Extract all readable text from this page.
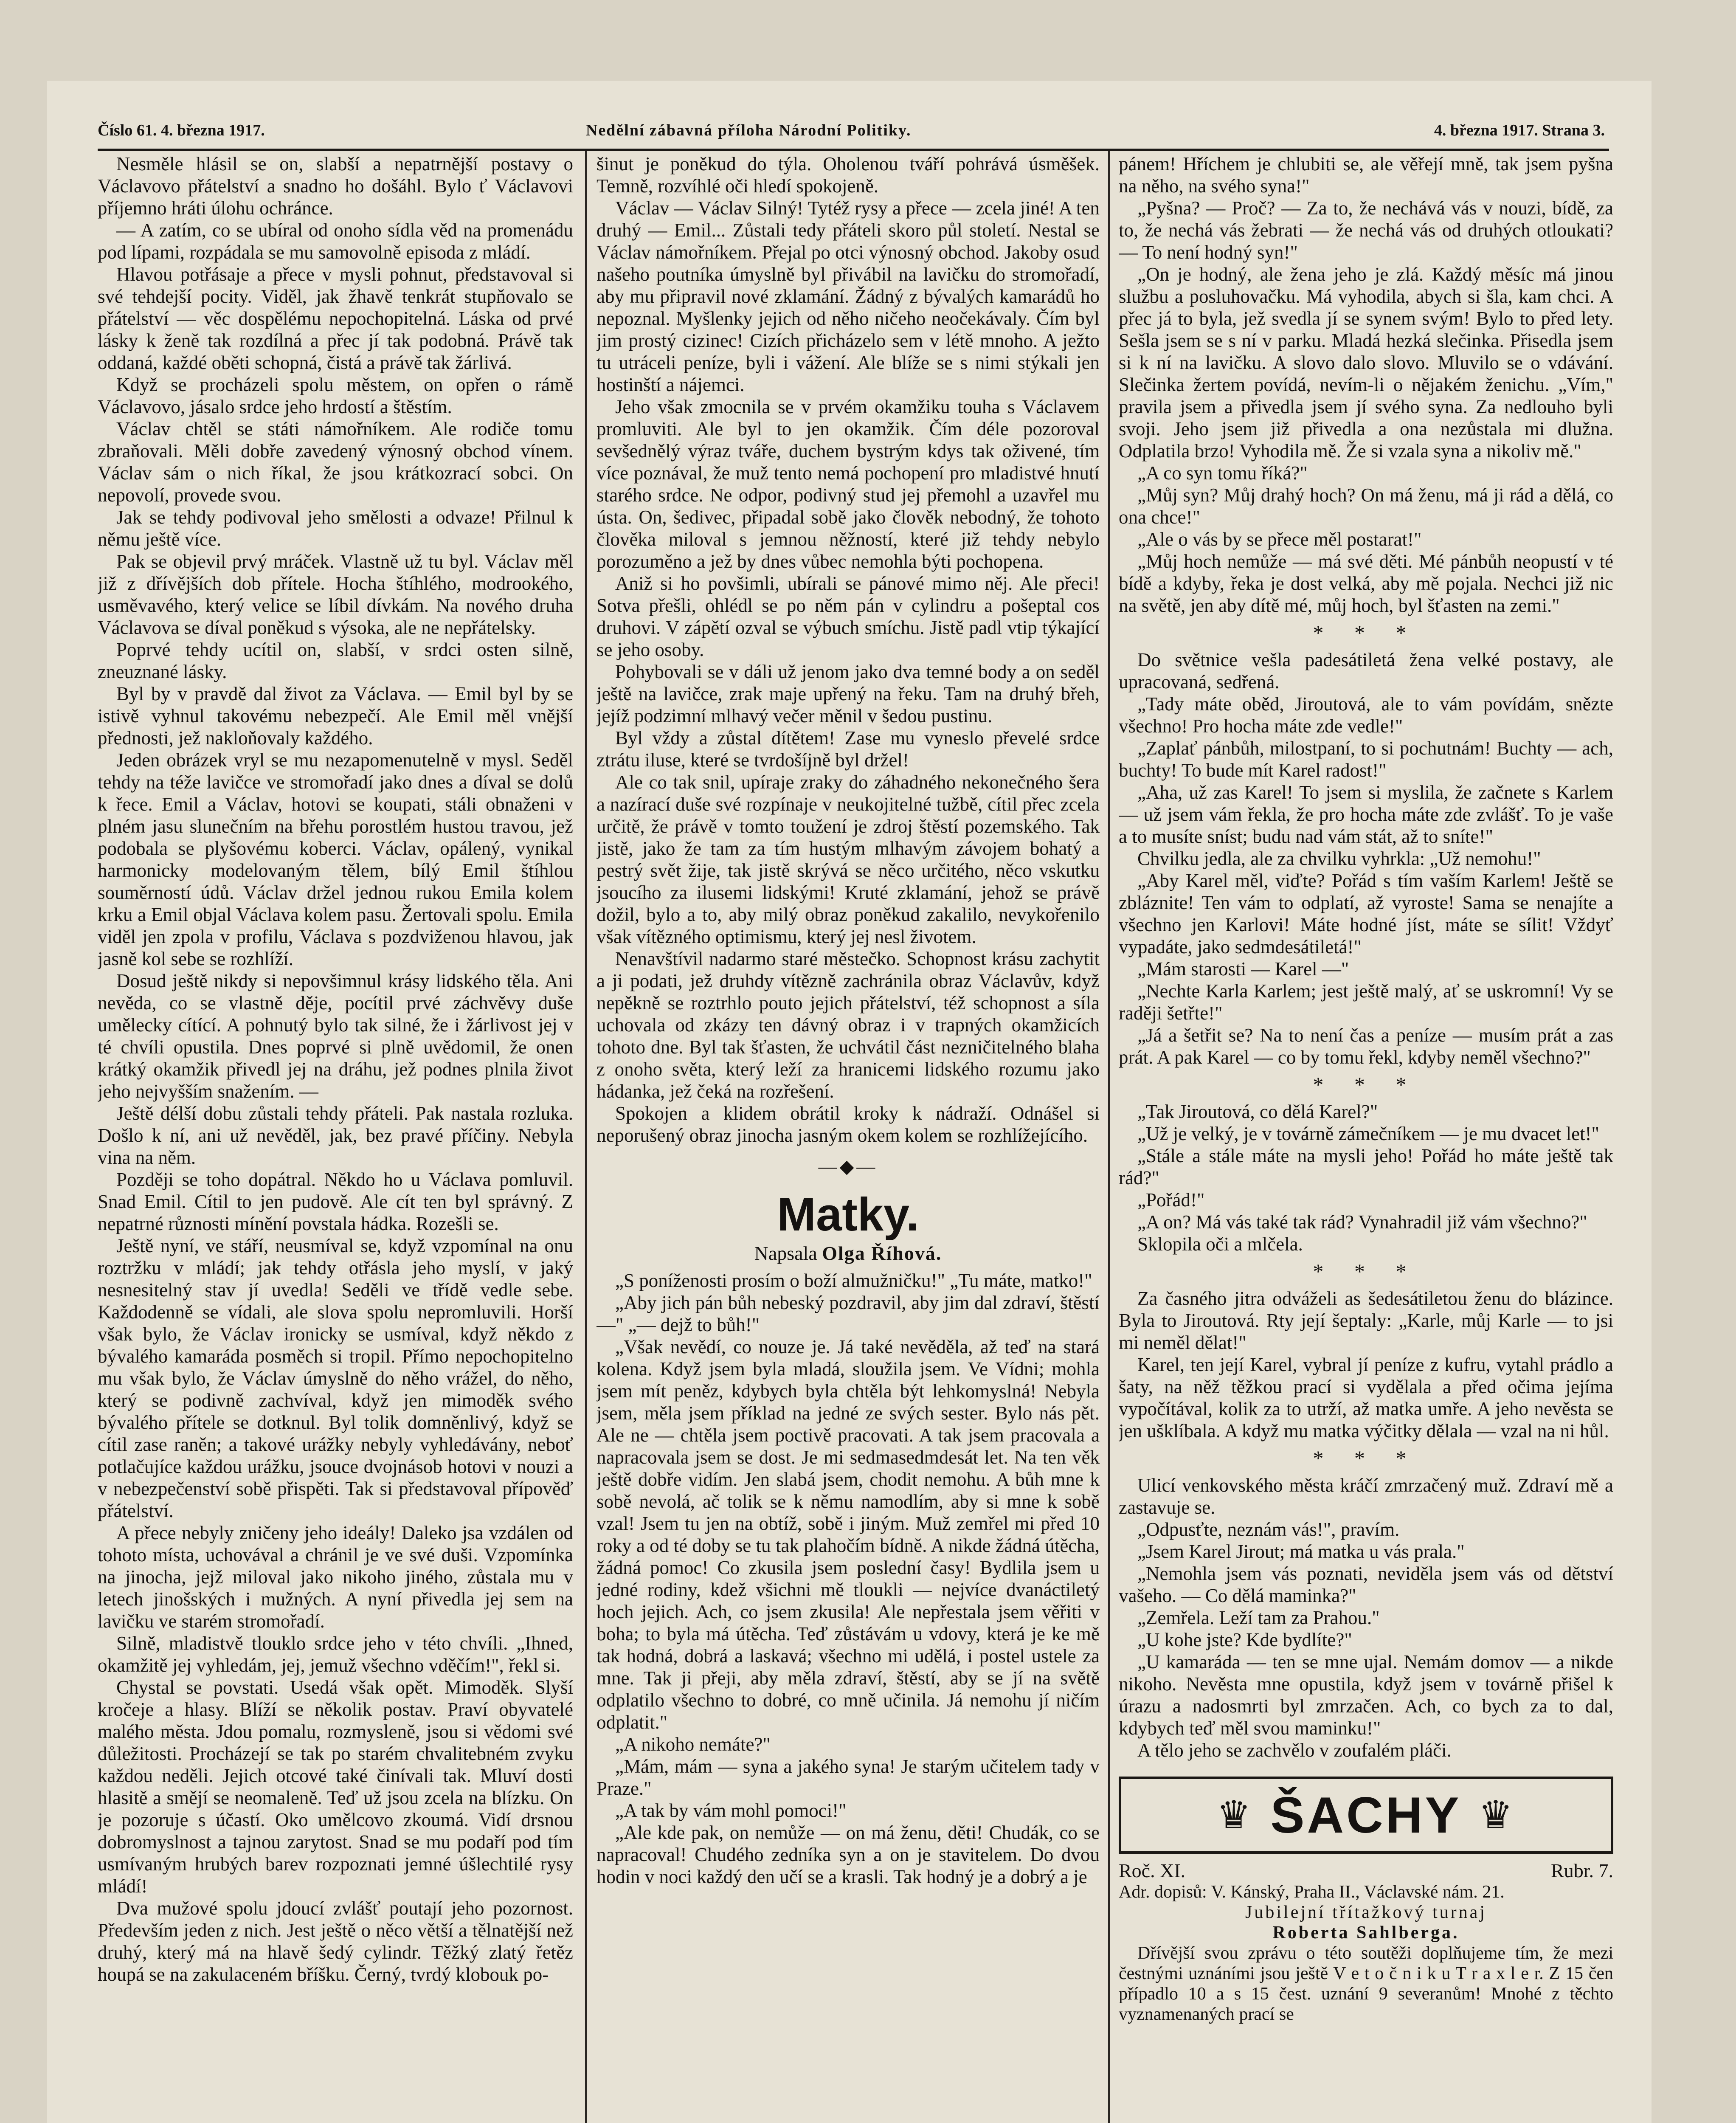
Číslo 61. 4. března 1917.	Nedělní zábavná příloha Národní Politiky.	4. března 1917. Strana 3.

Nesměle hlásil se on, slabší a nepatrnější postavy o Václavovo přátelství a snadno ho došáhl. Bylo ť Václavovi příjemno hráti úlohu ochránce.

— A zatím, co se ubíral od onoho sídla věd na promenádu pod lípami, rozpádala se mu samovolně episoda z mládí.

Hlavou potřásaje a přece v mysli pohnut, představoval si své tehdejší pocity. Viděl, jak žhavě tenkrát stupňovalo se přátelství — věc dospělému nepochopitelná. Láska od prvé lásky k ženě tak rozdílná a přec jí tak podobná. Právě tak oddaná, každé oběti schopná, čistá a právě tak žárlivá.

Když se procházeli spolu městem, on opřen o rámě Václavovo, jásalo srdce jeho hrdostí a štěstím.

Václav chtěl se státi námořníkem. Ale rodiče tomu zbraňovali. Měli dobře zavedený výnosný obchod vínem. Václav sám o nich říkal, že jsou krátkozrací sobci. On nepovolí, provede svou.

Jak se tehdy podivoval jeho smělosti a odvaze! Přilnul k němu ještě více.

Pak se objevil prvý mráček. Vlastně už tu byl. Václav měl již z dřívějších dob přítele. Hocha štíhlého, modrookého, usměvavého, který velice se líbil dívkám. Na nového druha Václavova se díval poněkud s výsoka, ale ne nepřátelsky.

Poprvé tehdy ucítil on, slabší, v srdci osten silně, zneuznané lásky.

Byl by v pravdě dal život za Václava. — Emil byl by se istivě vyhnul takovému nebezpečí. Ale Emil měl vnější přednosti, jež nakloňovaly každého.

Jeden obrázek vryl se mu nezapomenutelně v mysl. Seděl tehdy na téže lavičce ve stromořadí jako dnes a díval se dolů k řece. Emil a Václav, hotovi se koupati, stáli obnaženi v plném jasu slunečním na břehu porostlém hustou travou, jež podobala se plyšovému koberci. Václav, opálený, vynikal harmonicky modelovaným tělem, bílý Emil štíhlou souměrností údů. Václav držel jednou rukou Emila kolem krku a Emil objal Václava kolem pasu. Žertovali spolu. Emila viděl jen zpola v profilu, Václava s pozdviženou hlavou, jak jasně kol sebe se rozhlíží.

Dosud ještě nikdy si nepovšimnul krásy lidského těla. Ani nevěda, co se vlastně děje, pocítil prvé záchvěvy duše umělecky cítící. A pohnutý bylo tak silné, že i žárlivost jej v té chvíli opustila. Dnes poprvé si plně uvědomil, že onen krátký okamžik přivedl jej na dráhu, jež podnes plnila život jeho nejvyšším snažením. —

Ještě délší dobu zůstali tehdy přáteli. Pak nastala rozluka. Došlo k ní, ani už nevěděl, jak, bez pravé příčiny. Nebyla vina na něm.

Později se toho dopátral. Někdo ho u Václava pomluvil. Snad Emil. Cítil to jen pudově. Ale cít ten byl správný. Z nepatrné různosti mínění povstala hádka. Rozešli se.

Ještě nyní, ve stáří, neusmíval se, když vzpomínal na onu roztržku v mládí; jak tehdy otřásla jeho myslí, v jaký nesnesitelný stav jí uvedla! Seděli ve třídě vedle sebe. Každodenně se vídali, ale slova spolu nepromluvili. Horší však bylo, že Václav ironicky se usmíval, když někdo z bývalého kamaráda posměch si tropil. Přímo nepochopitelno mu však bylo, že Václav úmyslně do něho vrážel, do něho, který se podivně zachvíval, když jen mimoděk svého bývalého přítele se dotknul. Byl tolik domněnlivý, když se cítil zase raněn; a takové urážky nebyly vyhledávány, neboť potlačujíce každou urážku, jsouce dvojnásob hotovi v nouzi a v nebezpečenství sobě přispěti. Tak si představoval přípověď přátelství.

A přece nebyly zničeny jeho ideály! Daleko jsa vzdálen od tohoto místa, uchovával a chránil je ve své duši. Vzpomínka na jinocha, jejž miloval jako nikoho jiného, zůstala mu v letech jinošských i mužných. A nyní přivedla jej sem na lavičku ve starém stromořadí.

Silně, mladistvě tlouklo srdce jeho v této chvíli. „Ihned, okamžitě jej vyhledám, jej, jemuž všechno vděčím!", řekl si.

Chystal se povstati. Usedá však opět. Mimoděk. Slyší kročeje a hlasy. Blíží se několik postav. Praví obyvatelé malého města. Jdou pomalu, rozmysleně, jsou si vědomi své důležitosti. Procházejí se tak po starém chvalitebném zvyku každou neděli. Jejich otcové také činívali tak. Mluví dosti hlasitě a smějí se neomaleně. Teď už jsou zcela na blízku. On je pozoruje s účastí. Oko umělcovo zkoumá. Vidí drsnou dobromyslnost a tajnou zarytost. Snad se mu podaří pod tím usmívaným hrubých barev rozpoznati jemné úšlechtilé rysy mládí!

Dva mužové spolu jdoucí zvlášť poutají jeho pozornost. Především jeden z nich. Jest ještě o něco větší a tělnatější než druhý, který má na hlavě šedý cylindr. Těžký zlatý řetěz houpá se na zakulaceném bříšku. Černý, tvrdý klobouk po-

šinut je poněkud do týla. Oholenou tváří pohrává úsměšek. Temně, rozvíhlé oči hledí spokojeně.

Václav — Václav Silný! Tytéž rysy a přece — zcela jiné! A ten druhý — Emil... Zůstali tedy přáteli skoro půl století. Nestal se Václav námořníkem. Přejal po otci výnosný obchod. Jakoby osud našeho poutníka úmyslně byl přivábil na lavičku do stromořadí, aby mu připravil nové zklamání. Žádný z bývalých kamarádů ho nepoznal. Myšlenky jejich od něho ničeho neočekávaly. Čím byl jim prostý cizinec! Cizích přicházelo sem v létě mnoho. A ježto tu utráceli peníze, byli i vážení. Ale blíže se s nimi stýkali jen hostinští a nájemci.

Jeho však zmocnila se v prvém okamžiku touha s Václavem promluviti. Ale byl to jen okamžik. Čím déle pozoroval sevšednělý výraz tváře, duchem bystrým kdys tak oživené, tím více poznával, že muž tento nemá pochopení pro mladistvé hnutí starého srdce. Ne odpor, podivný stud jej přemohl a uzavřel mu ústa. On, šedivec, připadal sobě jako člověk nebodný, že tohoto člověka miloval s jemnou něžností, které již tehdy nebylo porozuměno a jež by dnes vůbec nemohla býti pochopena.

Aniž si ho povšimli, ubírali se pánové mimo něj. Ale přeci! Sotva přešli, ohlédl se po něm pán v cylindru a pošeptal cos druhovi. V zápětí ozval se výbuch smíchu. Jistě padl vtip týkající se jeho osoby.

Pohybovali se v dáli už jenom jako dva temné body a on seděl ještě na lavičce, zrak maje upřený na řeku. Tam na druhý břeh, jejíž podzimní mlhavý večer měnil v šedou pustinu.

Byl vždy a zůstal dítětem! Zase mu vyneslo převelé srdce ztrátu iluse, které se tvrdošíjně byl držel!

Ale co tak snil, upíraje zraky do záhadného nekonečného šera a nazírací duše své rozpínaje v neukojitelné tužbě, cítil přec zcela určitě, že právě v tomto toužení je zdroj štěstí pozemského. Tak jistě, jako že tam za tím hustým mlhavým závojem bohatý a pestrý svět žije, tak jistě skrývá se něco určitého, něco vskutku jsoucího za ilusemi lidskými! Kruté zklamání, jehož se právě dožil, bylo a to, aby milý obraz poněkud zakalilo, nevykořenilo však vítězného optimismu, který jej nesl životem.

Nenavštívil nadarmo staré městečko. Schopnost krásu zachytit a ji podati, jež druhdy vítězně zachránila obraz Václavův, když nepěkně se roztrhlo pouto jejich přátelství, též schopnost a síla uchovala od zkázy ten dávný obraz i v trapných okamžicích tohoto dne. Byl tak šťasten, že uchvátil část nezničitelného blaha z onoho světa, který leží za hranicemi lidského rozumu jako hádanka, jež čeká na rozřešení.

Spokojen a klidem obrátil kroky k nádraží. Odnášel si neporušený obraz jinocha jasným okem kolem se rozhlížejícího.

—◆—
Matky.
Napsala Olga Říhová.

„S poníženosti prosím o boží almužničku!" „Tu máte, matko!"

„Aby jich pán bůh nebeský pozdravil, aby jim dal zdraví, štěstí —" „— dejž to bůh!"

„Však nevědí, co nouze je. Já také nevěděla, až teď na stará kolena. Když jsem byla mladá, sloužila jsem. Ve Vídni; mohla jsem mít peněz, kdybych byla chtěla být lehkomyslná! Nebyla jsem, měla jsem příklad na jedné ze svých sester. Bylo nás pět. Ale ne — chtěla jsem poctivě pracovati. A tak jsem pracovala a napracovala jsem se dost. Je mi sedmasedmdesát let. Na ten věk ještě dobře vidím. Jen slabá jsem, chodit nemohu. A bůh mne k sobě nevolá, ač tolik se k němu namodlím, aby si mne k sobě vzal! Jsem tu jen na obtíž, sobě i jiným. Muž zemřel mi před 10 roky a od té doby se tu tak plahočím bídně. A nikde žádná útěcha, žádná pomoc! Co zkusila jsem poslední časy! Bydlila jsem u jedné rodiny, kdež všichni mě tloukli — nejvíce dvanáctiletý hoch jejich. Ach, co jsem zkusila! Ale nepřestala jsem věřiti v boha; to byla má útěcha. Teď zůstávám u vdovy, která je ke mě tak hodná, dobrá a laskavá; všechno mi udělá, i postel ustele za mne. Tak ji přeji, aby měla zdraví, štěstí, aby se jí na světě odplatilo všechno to dobré, co mně učinila. Já nemohu jí ničím odplatit."

„A nikoho nemáte?"

„Mám, mám — syna a jakého syna! Je starým učitelem tady v Praze."

„A tak by vám mohl pomoci!"

„Ale kde pak, on nemůže — on má ženu, děti! Chudák, co se napracoval! Chudého zedníka syn a on je stavitelem. Do dvou hodin v noci každý den učí se a krasli. Tak hodný je a dobrý a je

pánem! Hříchem je chlubiti se, ale věřejí mně, tak jsem pyšna na něho, na svého syna!"

„Pyšna? — Proč? — Za to, že nechává vás v nouzi, bídě, za to, že nechá vás žebrati — že nechá vás od druhých otloukati? — To není hodný syn!"

„On je hodný, ale žena jeho je zlá. Každý měsíc má jinou službu a posluhovačku. Má vyhodila, abych si šla, kam chci. A přec já to byla, jež svedla jí se synem svým! Bylo to před lety. Sešla jsem se s ní v parku. Mladá hezká slečinka. Přisedla jsem si k ní na lavičku. A slovo dalo slovo. Mluvilo se o vdávání. Slečinka žertem povídá, nevím-li o nějakém ženichu. „Vím," pravila jsem a přivedla jsem jí svého syna. Za nedlouho byli svoji. Jeho jsem již přivedla a ona nezůstala mi dlužna. Odplatila brzo! Vyhodila mě. Že si vzala syna a nikoliv mě."

„A co syn tomu říká?"

„Můj syn? Můj drahý hoch? On má ženu, má ji rád a dělá, co ona chce!"

„Ale o vás by se přece měl postarat!"

„Můj hoch nemůže — má své děti. Mé pánbůh neopustí v té bídě a kdyby, řeka je dost velká, aby mě pojala. Nechci již nic na světě, jen aby dítě mé, můj hoch, byl šťasten na zemi."

* * *

Do světnice vešla padesátiletá žena velké postavy, ale upracovaná, sedřená.

„Tady máte oběd, Jiroutová, ale to vám povídám, snězte všechno! Pro hocha máte zde vedle!"

„Zaplať pánbůh, milostpaní, to si pochutnám! Buchty — ach, buchty! To bude mít Karel radost!"

„Aha, už zas Karel! To jsem si myslila, že začnete s Karlem — už jsem vám řekla, že pro hocha máte zde zvlášť. To je vaše a to musíte sníst; budu nad vám stát, až to sníte!"

Chvilku jedla, ale za chvilku vyhrkla: „Už nemohu!"

„Aby Karel měl, viďte? Pořád s tím vaším Karlem! Ještě se zbláznite! Ten vám to odplatí, až vyroste! Sama se nenajíte a všechno jen Karlovi! Máte hodné jíst, máte se sílit! Vždyť vypadáte, jako sedmdesátiletá!"

„Mám starosti — Karel —"

„Nechte Karla Karlem; jest ještě malý, ať se uskromní! Vy se raději šetřte!"

„Já a šetřit se? Na to není čas a peníze — musím prát a zas prát. A pak Karel — co by tomu řekl, kdyby neměl všechno?"

* * *

„Tak Jiroutová, co dělá Karel?"

„Už je velký, je v továrně zámečníkem — je mu dvacet let!"

„Stále a stále máte na mysli jeho! Pořád ho máte ještě tak rád?"

„Pořád!"

„A on? Má vás také tak rád? Vynahradil již vám všechno?"

Sklopila oči a mlčela.

* * *

Za časného jitra odváželi as šedesátiletou ženu do blázince. Byla to Jiroutová. Rty její šeptaly: „Karle, můj Karle — to jsi mi neměl dělat!"

Karel, ten její Karel, vybral jí peníze z kufru, vytahl prádlo a šaty, na něž těžkou prací si vydělala a před očima jejíma vypočítával, kolik za to utrží, až matka umře. A jeho nevěsta se jen ušklíbala. A když mu matka výčitky dělala — vzal na ni hůl.

* * *

Ulicí venkovského města kráčí zmrzačený muž. Zdraví mě a zastavuje se.

„Odpusťte, neznám vás!", pravím.

„Jsem Karel Jirout; má matka u vás prala."

„Nemohla jsem vás poznati, neviděla jsem vás od dětství vašeho. — Co dělá maminka?"

„Zemřela. Leží tam za Prahou."

„U kohe jste? Kde bydlíte?"

„U kamaráda — ten se mne ujal. Nemám domov — a nikde nikoho. Nevěsta mne opustila, když jsem v továrně přišel k úrazu a nadosmrti byl zmrzačen. Ach, co bych za to dal, kdybych teď měl svou maminku!"

A tělo jeho se zachvělo v zoufalém pláči.

♛ ŠACHY ♛
Roč. XI.	Rubr. 7.
Adr. dopisů: V. Kánský, Praha II., Václavské nám. 21.
Jubilejní třítažkový turnaj
Roberta Sahlberga.

Dřívější svou zprávu o této soutěži doplňujeme tím, že mezi čestnými uznáními jsou ještě V e t o č n i k u T r a x l e r. Z 15 čen případlo 10 a s 15 čest. uznání 9 severanům! Mnohé z těchto vyznamenaných prací se
